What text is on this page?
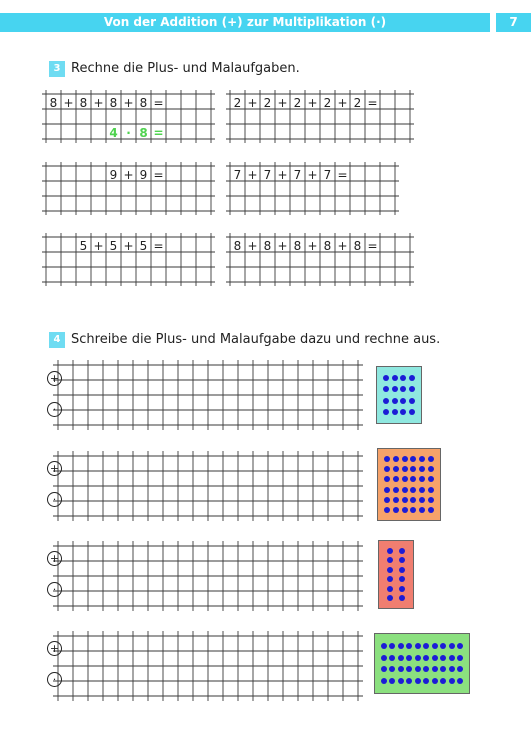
Von der Addition (+) zur Multiplikation (·)	7
3 Rechne die Plus- und Malaufgaben.
8 + 8 + 8 + 8 =
4 · 8 =
2 + 2 + 2 + 2 + 2 =
9 + 9 =	7 + 7 + 7 + 7 =
5 + 5 + 5 =	8 + 8 + 8 + 8 + 8 =
4 Schreibe die Plus- und Malaufgabe dazu und rechne aus.
+
·
+
·
+
·
+
·
